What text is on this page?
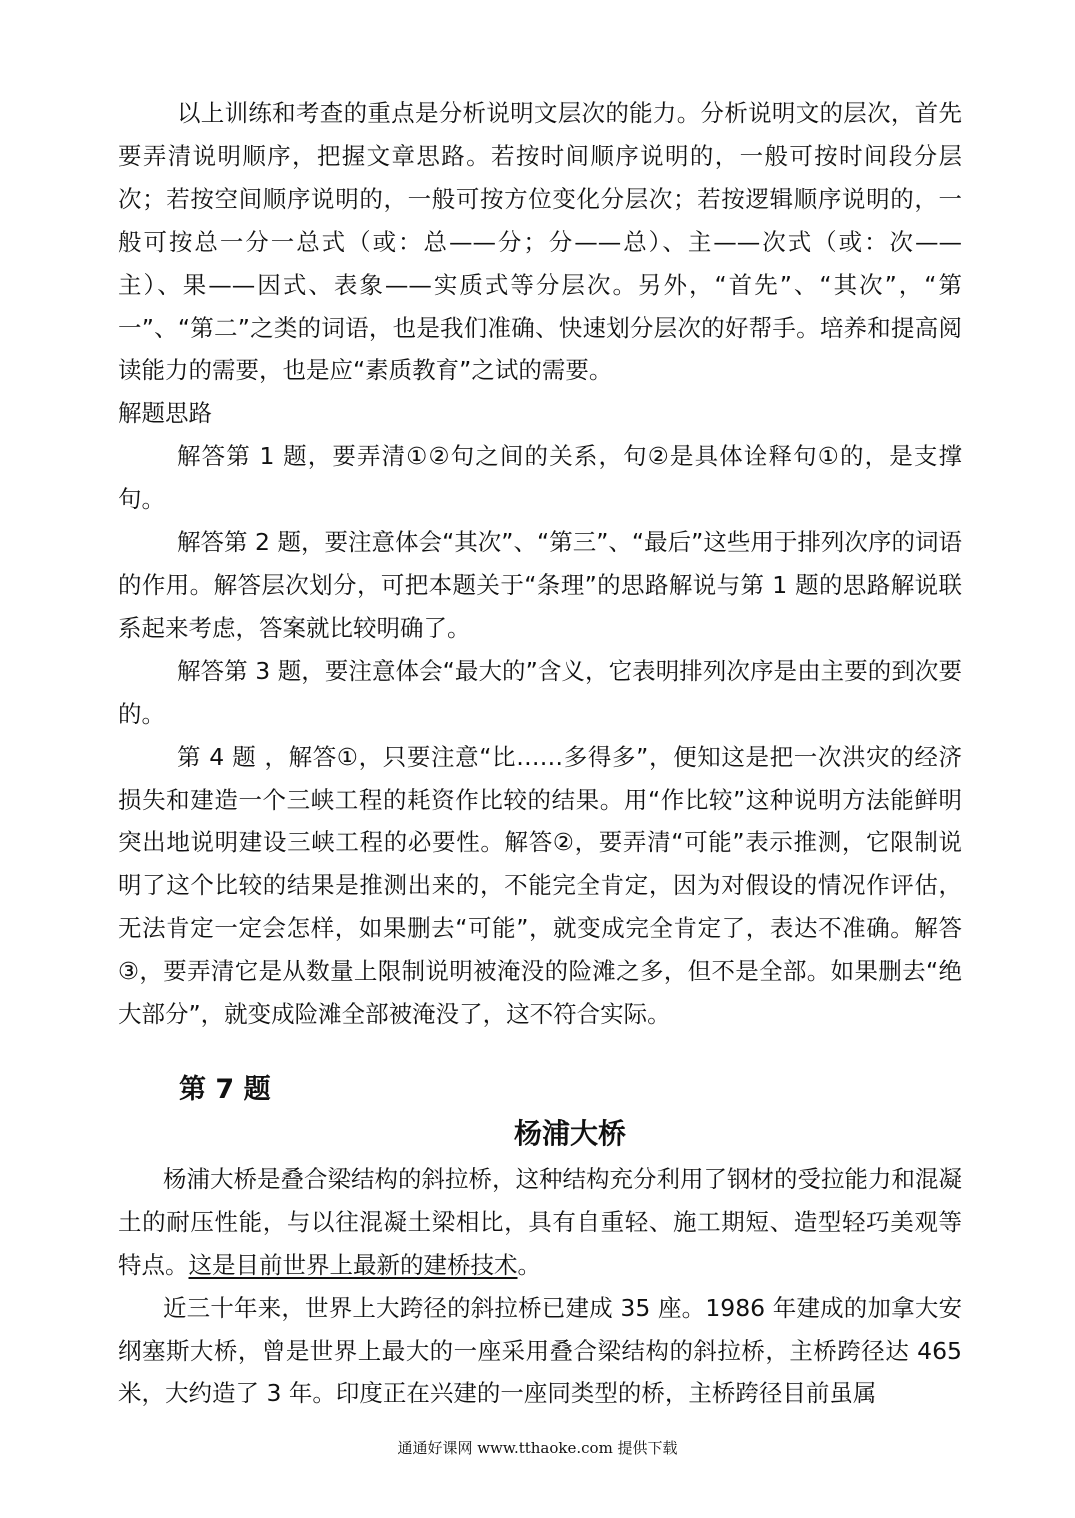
以上训练和考查的重点是分析说明文层次的能力。分析说明文的层次，首先要弄清说明顺序，把握文章思路。若按时间顺序说明的，一般可按时间段分层次；若按空间顺序说明的，一般可按方位变化分层次；若按逻辑顺序说明的，一般可按总一分一总式（或：总——分；分——总）、主——次式（或：次——主）、果——因式、表象——实质式等分层次。另外，“首先”、“其次”，“第一”、“第二”之类的词语，也是我们准确、快速划分层次的好帮手。培养和提高阅读能力的需要，也是应“素质教育”之试的需要。

解题思路

解答第 1 题，要弄清①②句之间的关系，句②是具体诠释句①的，是支撑句。

解答第 2 题，要注意体会“其次”、“第三”、“最后”这些用于排列次序的词语的作用。解答层次划分，可把本题关于“条理”的思路解说与第 1 题的思路解说联系起来考虑，答案就比较明确了。

解答第 3 题，要注意体会“最大的”含义，它表明排列次序是由主要的到次要的。

第 4 题 ，解答①，只要注意“比……多得多”，便知这是把一次洪灾的经济损失和建造一个三峡工程的耗资作比较的结果。用“作比较”这种说明方法能鲜明突出地说明建设三峡工程的必要性。解答②，要弄清“可能”表示推测，它限制说明了这个比较的结果是推测出来的，不能完全肯定，因为对假设的情况作评估，无法肯定一定会怎样，如果删去“可能”，就变成完全肯定了，表达不准确。解答③，要弄清它是从数量上限制说明被淹没的险滩之多，但不是全部。如果删去“绝大部分”，就变成险滩全部被淹没了，这不符合实际。

第 7 题
杨浦大桥

杨浦大桥是叠合梁结构的斜拉桥，这种结构充分利用了钢材的受拉能力和混凝土的耐压性能，与以往混凝土梁相比，具有自重轻、施工期短、造型轻巧美观等特点。这是目前世界上最新的建桥技术。

近三十年来，世界上大跨径的斜拉桥已建成 35 座。1986 年建成的加拿大安纲塞斯大桥，曾是世界上最大的一座采用叠合梁结构的斜拉桥，主桥跨径达 465 米，大约造了 3 年。印度正在兴建的一座同类型的桥，主桥跨径目前虽属

通通好课网 www.tthaoke.com 提供下载
